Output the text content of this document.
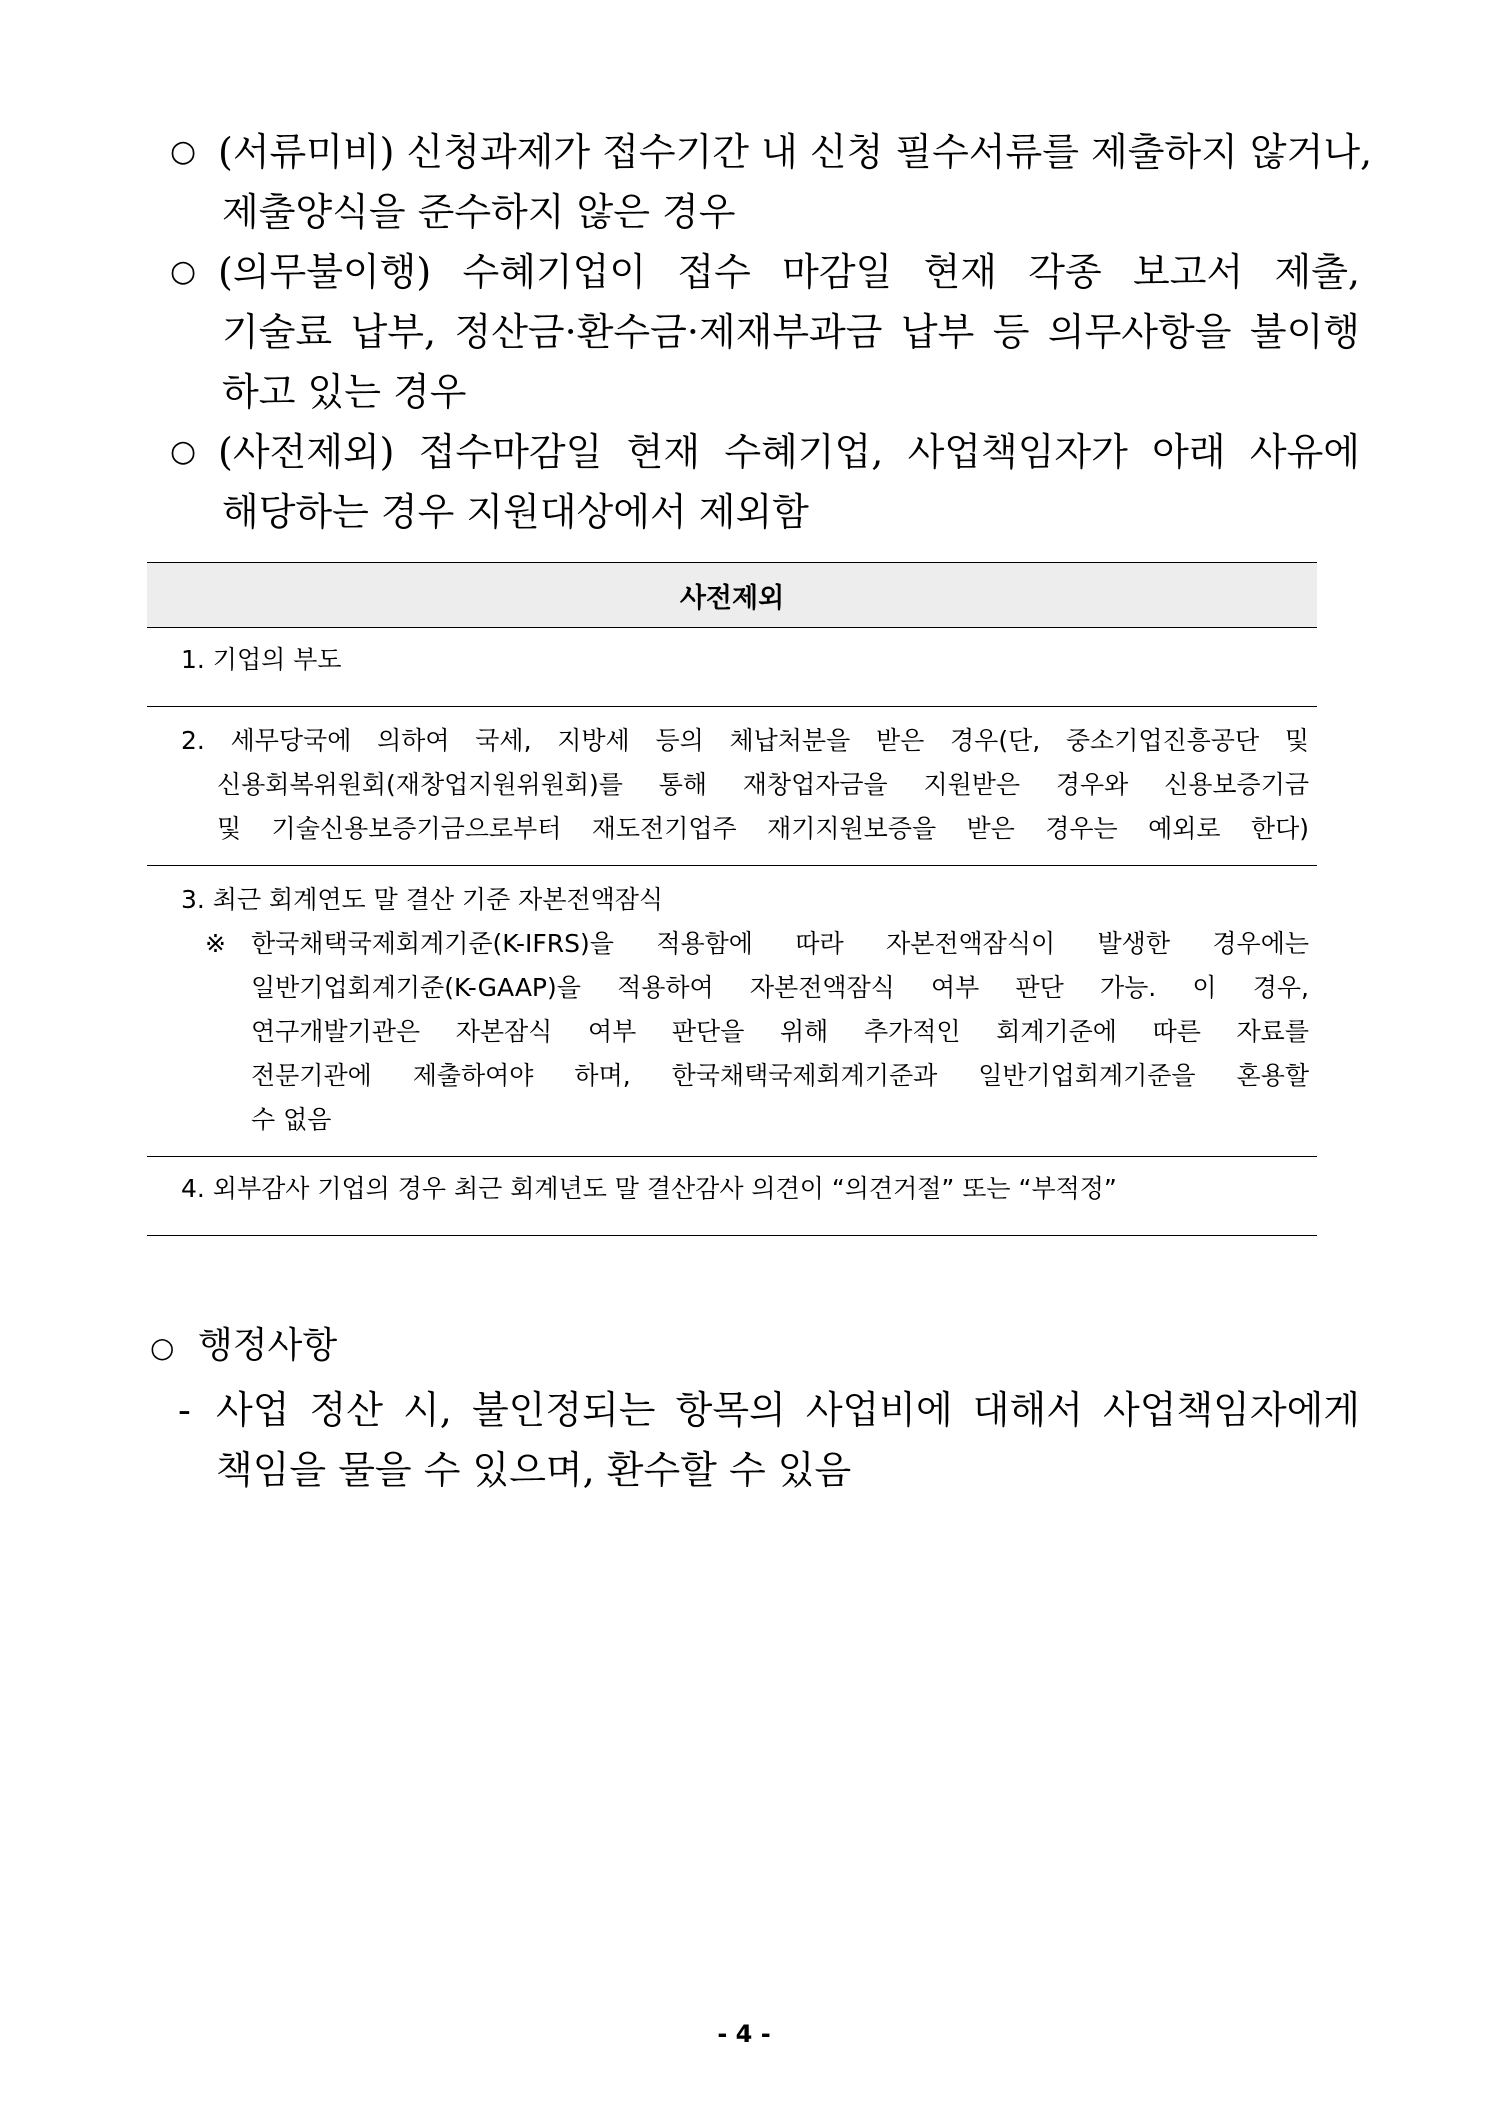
○ (서류미비) 신청과제가 접수기간 내 신청 필수서류를 제출하지 않거나,
제출양식을 준수하지 않은 경우
○ (의무불이행) 수혜기업이 접수 마감일 현재 각종 보고서 제출,
기술료 납부, 정산금·환수금·제재부과금 납부 등 의무사항을 불이행
하고 있는 경우
○ (사전제외) 접수마감일 현재 수혜기업, 사업책임자가 아래 사유에
해당하는 경우 지원대상에서 제외함
사전제외

1. 기업의 부도

2. 세무당국에 의하여 국세, 지방세 등의 체납처분을 받은 경우(단, 중소기업진흥공단 및
신용회복위원회(재창업지원위원회)를 통해 재창업자금을 지원받은 경우와 신용보증기금
및 기술신용보증기금으로부터 재도전기업주 재기지원보증을 받은 경우는 예외로 한다)

3. 최근 회계연도 말 결산 기준 자본전액잠식
※ 한국채택국제회계기준(K-IFRS)을 적용함에 따라 자본전액잠식이 발생한 경우에는
일반기업회계기준(K-GAAP)을 적용하여 자본전액잠식 여부 판단 가능. 이 경우,
연구개발기관은 자본잠식 여부 판단을 위해 추가적인 회계기준에 따른 자료를
전문기관에 제출하여야 하며, 한국채택국제회계기준과 일반기업회계기준을 혼용할
수 없음

4. 외부감사 기업의 경우 최근 회계년도 말 결산감사 의견이 “의견거절” 또는 “부적정”
○ 행정사항
- 사업 정산 시, 불인정되는 항목의 사업비에 대해서 사업책임자에게
책임을 물을 수 있으며, 환수할 수 있음
- 4 -
